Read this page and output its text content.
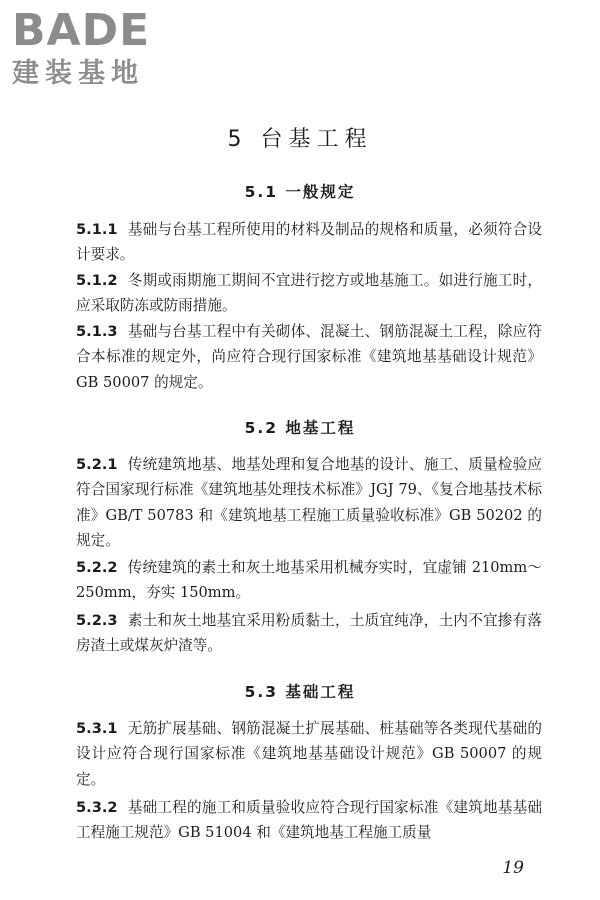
BADE
建装基地
5 台基工程
5.1 一般规定
5.1.1 基础与台基工程所使用的材料及制品的规格和质量，必须符合设计要求。
5.1.2 冬期或雨期施工期间不宜进行挖方或地基施工。如进行施工时，应采取防冻或防雨措施。
5.1.3 基础与台基工程中有关砌体、混凝土、钢筋混凝土工程，除应符合本标准的规定外，尚应符合现行国家标准《建筑地基基础设计规范》GB 50007 的规定。
5.2 地基工程
5.2.1 传统建筑地基、地基处理和复合地基的设计、施工、质量检验应符合国家现行标准《建筑地基处理技术标准》JGJ 79、《复合地基技术标准》GB/T 50783 和《建筑地基工程施工质量验收标准》GB 50202 的规定。
5.2.2 传统建筑的素土和灰土地基采用机械夯实时，宜虚铺 210mm～250mm，夯实 150mm。
5.2.3 素土和灰土地基宜采用粉质黏土，土质宜纯净，土内不宜掺有落房渣土或煤灰炉渣等。
5.3 基础工程
5.3.1 无筋扩展基础、钢筋混凝土扩展基础、桩基础等各类现代基础的设计应符合现行国家标准《建筑地基基础设计规范》GB 50007 的规定。
5.3.2 基础工程的施工和质量验收应符合现行国家标准《建筑地基基础工程施工规范》GB 51004 和《建筑地基工程施工质量
19
